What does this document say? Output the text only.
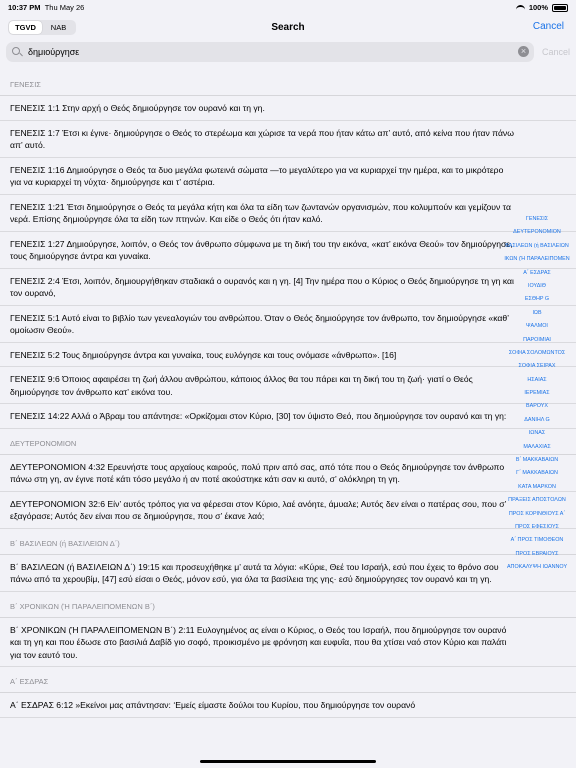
10:37 PM Thu May 26	100%
TGVD	NAB	Search	Cancel
δημιούργησε	×	Cancel
ΓΕΝΕΣΙΣ
ΓΕΝΕΣΙΣ 1:1 Στην αρχή ο Θεός δημιούργησε τον ουρανό και τη γη.
ΓΕΝΕΣΙΣ 1:7 Έτσι κι έγινε· δημιούργησε ο Θεός το στερέωμα και χώρισε τα νερά που ήταν κάτω απ’ αυτό, από κείνα που ήταν πάνω απ’ αυτό.
ΓΕΝΕΣΙΣ 1:16 Δημιούργησε ο Θεός τα δυο μεγάλα φωτεινά σώματα —το μεγαλύτερο για να κυριαρχεί την ημέρα, και το μικρότερο για να κυριαρχεί τη νύχτα· δημιούργησε και τ’ αστέρια.
ΓΕΝΕΣΙΣ 1:21 Έτσι δημιούργησε ο Θεός τα μεγάλα κήτη και όλα τα είδη των ζωντανών οργανισμών, που κολυμπούν και γεμίζουν τα νερά. Επίσης δημιούργησε όλα τα είδη των πτηνών. Και είδε ο Θεός ότι ήταν καλό.
ΓΕΝΕΣΙΣ 1:27 Δημιούργησε, λοιπόν, ο Θεός τον άνθρωπο σύμφωνα με τη δική του την εικόνα, «κατ’ εικόνα Θεού» τον δημιούργησε, τους δημιούργησε άντρα και γυναίκα.
ΓΕΝΕΣΙΣ 2:4 Έτσι, λοιπόν, δημιουργήθηκαν σταδιακά ο ουρανός και η γη. [4] Την ημέρα που ο Κύριος ο Θεός δημιούργησε τη γη και τον ουρανό,
ΓΕΝΕΣΙΣ 5:1 Αυτό είναι το βιβλίο των γενεαλογιών του ανθρώπου. Όταν ο Θεός δημιούργησε τον άνθρωπο, τον δημιούργησε «καθ’ ομοίωσιν Θεού».
ΓΕΝΕΣΙΣ 5:2 Τους δημιούργησε άντρα και γυναίκα, τους ευλόγησε και τους ονόμασε «άνθρωπο». [16]
ΓΕΝΕΣΙΣ 9:6 Όποιος αφαιρέσει τη ζωή άλλου ανθρώπου, κάποιος άλλος θα του πάρει και τη δική του τη ζωή· γιατί ο Θεός δημιούργησε τον άνθρωπο κατ’ εικόνα του.
ΓΕΝΕΣΙΣ 14:22 Αλλά ο Άβραμ του απάντησε: «Ορκίζομαι στον Κύριο, [30] τον ύψιστο Θεό, που δημιούργησε τον ουρανό και τη γη:
ΔΕΥΤΕΡΟΝΟΜΙΟΝ
ΔΕΥΤΕΡΟΝΟΜΙΟΝ 4:32 Ερευνήστε τους αρχαίους καιρούς, πολύ πριν από σας, από τότε που ο Θεός δημιούργησε τον άνθρωπο πάνω στη γη, αν έγινε ποτέ κάτι τόσο μεγάλο ή αν ποτέ ακούστηκε κάτι σαν κι αυτό, σ’ ολόκληρη τη γη.
ΔΕΥΤΕΡΟΝΟΜΙΟΝ 32:6 Είν’ αυτός τρόπος για να φέρεσαι στον Κύριο, λαέ ανόητε, άμυαλε; Αυτός δεν είναι ο πατέρας σου, που σ’ εξαγόρασε; Αυτός δεν είναι που σε δημιούργησε, που σ’ έκανε λαό;
Β΄ ΒΑΣΙΛΕΩΝ (ή ΒΑΣΙΛΕΙΩΝ Δ΄)
Β΄ ΒΑΣΙΛΕΩΝ (ή ΒΑΣΙΛΕΙΩΝ Δ΄) 19:15 και προσευχήθηκε μ’ αυτά τα λόγια: «Κύριε, Θεέ του Ισραήλ, εσύ που έχεις το θρόνο σου πάνω από τα χερουβίμ, [47] εσύ είσαι ο Θεός, μόνον εσύ, για όλα τα βασίλεια της γης· εσύ δημιούργησες τον ουρανό και τη γη.
Β΄ ΧΡΟΝΙΚΩΝ (Ή ΠΑΡΑΛΕΙΠΟΜΕΝΩΝ Β΄)
Β΄ ΧΡΟΝΙΚΩΝ (Ή ΠΑΡΑΛΕΙΠΟΜΕΝΩΝ Β΄) 2:11 Ευλογημένος ας είναι ο Κύριος, ο Θεός του Ισραήλ, που δημιούργησε τον ουρανό και τη γη και που έδωσε στο βασιλιά Δαβίδ γιο σοφό, προικισμένο με φρόνηση και ευφυΐα, που θα χτίσει ναό στον Κύριο και παλάτι για τον εαυτό του.
Α΄ ΕΣΔΡΑΣ
Α΄ ΕΣΔΡΑΣ 6:12 »Εκείνοι μας απάντησαν: ‘Εμείς είμαστε δούλοι του Κυρίου, που δημιούργησε τον ουρανό
ΓΕΝΕΣΙΣ
ΔΕΥΤΕΡΟΝΟΜΙΟΝ
ΒΑΣΙΛΕΩΝ (ή ΒΑΣΙΛΕΙΩΝ
ΙΚΩΝ (Ή ΠΑΡΑΛΕΙΠΟΜΕΝ
Α΄ ΕΣΔΡΑΣ
ΙΟΥΔΙΘ
ΕΣΘΗΡ G
ΙΩΒ
ΨΑΛΜΟΙ
ΠΑΡΟΙΜΙΑΙ
ΣΟΦΙΑ ΣΟΛΟΜΩΝΤΟΣ
ΣΟΦΙΑ ΣΕΙΡΑΧ
ΗΣΑΙΑΣ
ΙΕΡΕΜΙΑΣ
ΒΑΡΟΥΧ
ΔΑΝΙΗΛ G
ΙΩΝΑΣ
ΜΑΛΑΧΙΑΣ
Β΄ ΜΑΚΚΑΒΑΙΩΝ
Γ΄ ΜΑΚΚΑΒΑΙΩΝ
ΚΑΤΑ ΜΑΡΚΟΝ
ΠΡΑΞΕΙΣ ΑΠΟΣΤΟΛΩΝ
ΠΡΟΣ ΚΟΡΙΝΘΙΟΥΣ Α΄
ΠΡΟΣ ΕΦΕΣΙΟΥΣ
Α΄ ΠΡΟΣ ΤΙΜΟΘΕΟΝ
ΠΡΟΣ ΕΒΡΑΙΟΥΣ
ΑΠΟΚΑΛΥΨΗ ΙΩΑΝΝΟΥ
